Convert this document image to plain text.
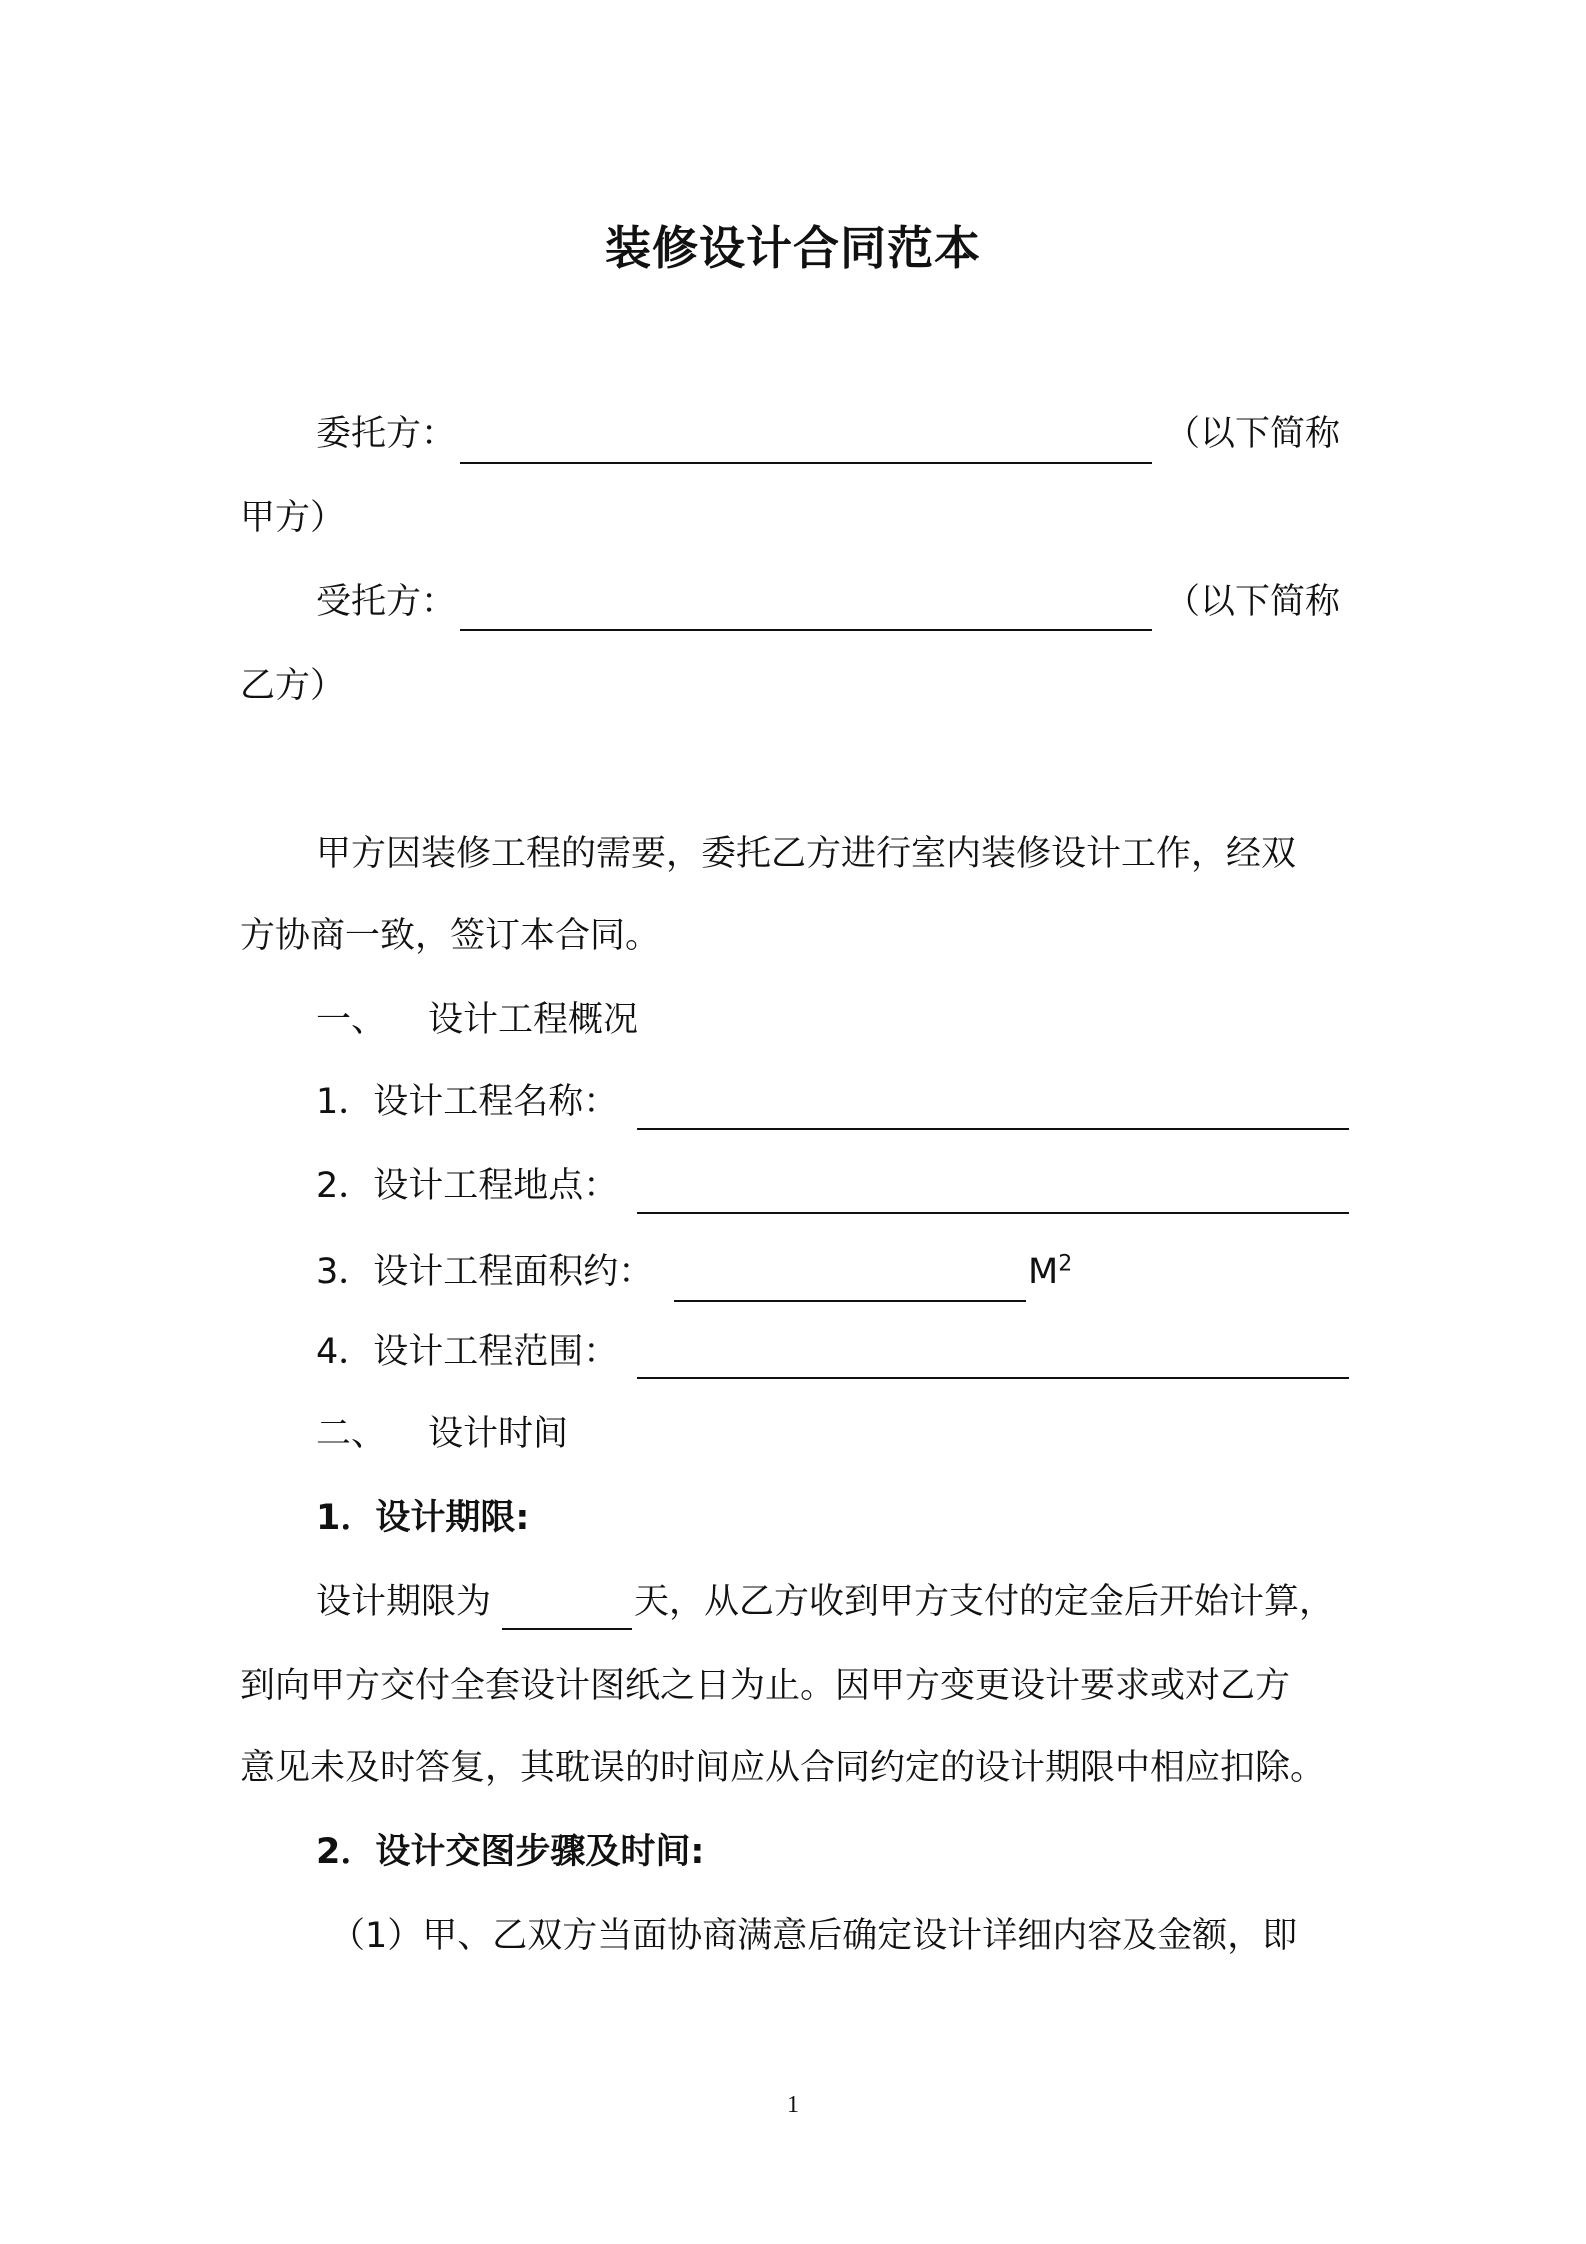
装修设计合同范本
委托方：	（以下简称
甲方）
受托方：	（以下简称
乙方）
甲方因装修工程的需要，委托乙方进行室内装修设计工作，经双
方协商一致，签订本合同。
一、 设计工程概况
1．设计工程名称：
2．设计工程地点：
3．设计工程面积约：	$M^2$
4．设计工程范围：
二、 设计时间
1．设计期限:
设计期限为	天，从乙方收到甲方支付的定金后开始计算，
到向甲方交付全套设计图纸之日为止。因甲方变更设计要求或对乙方
意见未及时答复，其耽误的时间应从合同约定的设计期限中相应扣除。
2．设计交图步骤及时间:
（1）甲、乙双方当面协商满意后确定设计详细内容及金额，即
1
